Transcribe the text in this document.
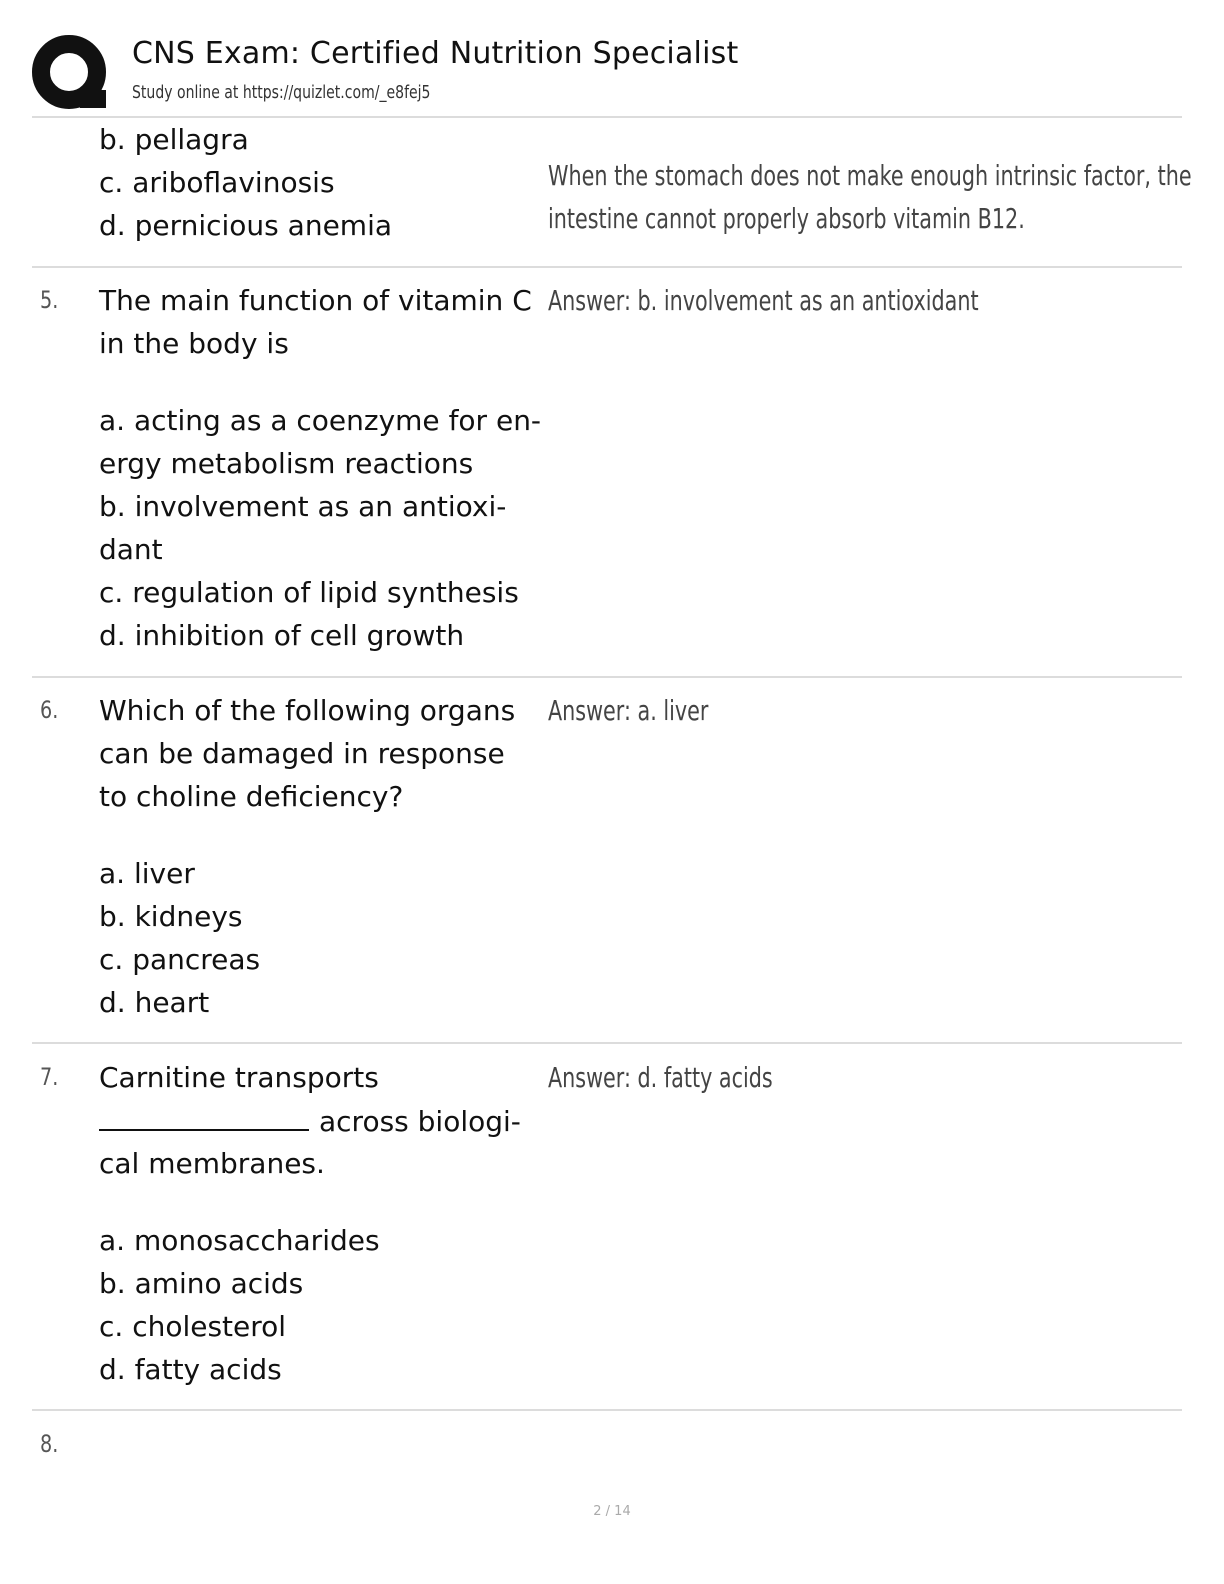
CNS Exam: Certified Nutrition Specialist
Study online at https://quizlet.com/_e8fej5
b. pellagra
c. ariboflavinosis
d. pernicious anemia
When the stomach does not make enough intrinsic factor, the
intestine cannot properly absorb vitamin B12.
5. The main function of vitamin C
in the body is
a. acting as a coenzyme for en-
ergy metabolism reactions
b. involvement as an antioxi-
dant
c. regulation of lipid synthesis
d. inhibition of cell growth
Answer: b. involvement as an antioxidant
6. Which of the following organs
can be damaged in response
to choline deficiency?
a. liver
b. kidneys
c. pancreas
d. heart
Answer: a. liver
7. Carnitine transports
across biologi-
cal membranes.
a. monosaccharides
b. amino acids
c. cholesterol
d. fatty acids
Answer: d. fatty acids
8.
2 / 14
